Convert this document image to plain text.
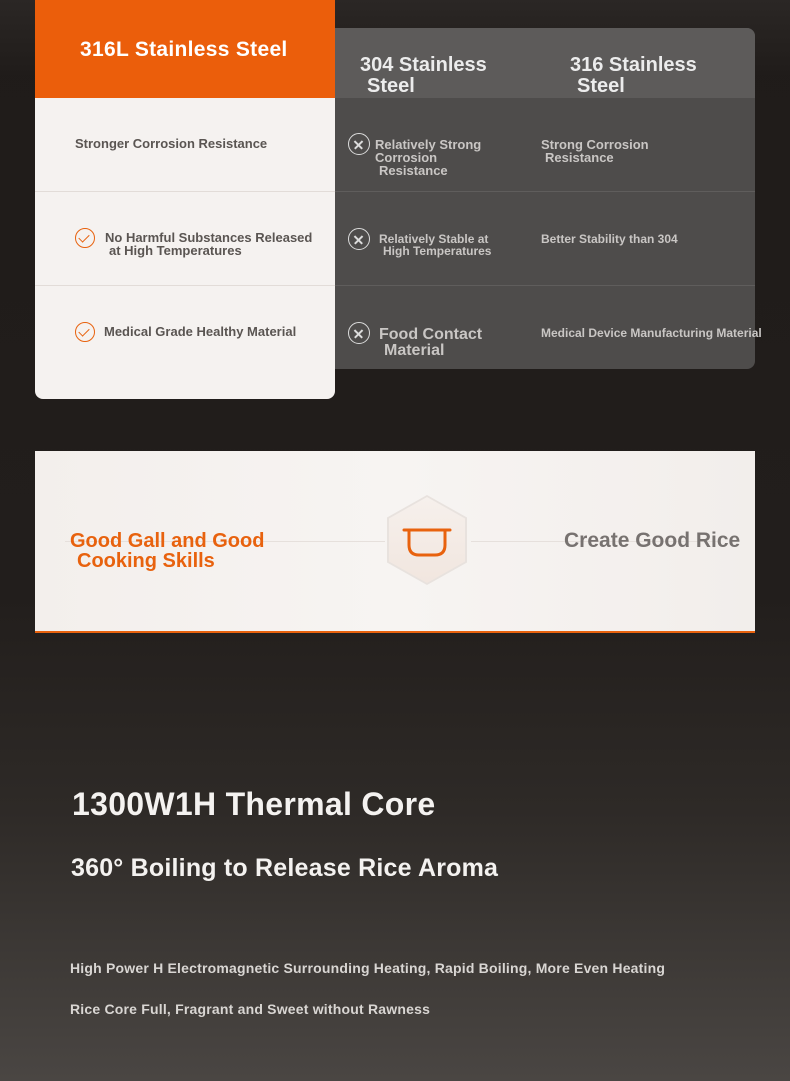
304 Stainless
Steel
316 Stainless
Steel
Relatively Strong Corrosion
Resistance
Relatively Stable at
High Temperatures
Food Contact
Material
Strong Corrosion
Resistance
Better Stability than 304
Medical Device Manufacturing Material
316L Stainless Steel
Stronger Corrosion Resistance
No Harmful Substances Released
at High Temperatures
Medical Grade Healthy Material
Good Gall and Good
Cooking Skills
Create Good Rice
1300W1H Thermal Core
360° Boiling to Release Rice Aroma
High Power H Electromagnetic Surrounding Heating, Rapid Boiling, More Even Heating
Rice Core Full, Fragrant and Sweet without Rawness
